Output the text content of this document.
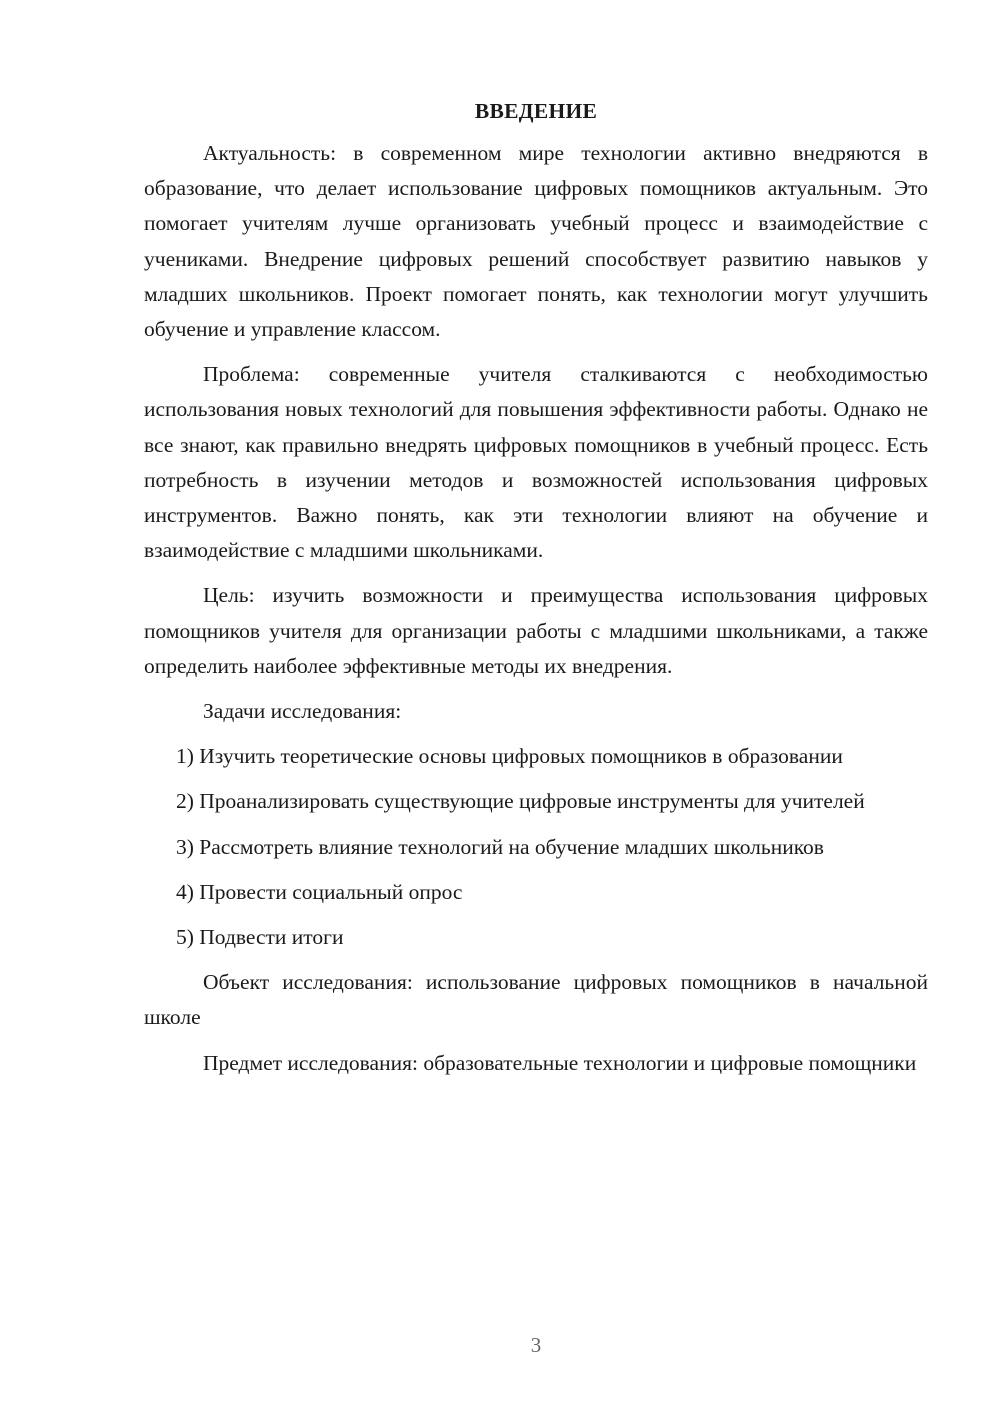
ВВЕДЕНИЕ

Актуальность: в современном мире технологии активно внедряются в образование, что делает использование цифровых помощников актуальным. Это помогает учителям лучше организовать учебный процесс и взаимодействие с учениками. Внедрение цифровых решений способствует развитию навыков у младших школьников. Проект помогает понять, как технологии могут улучшить обучение и управление классом.

Проблема: современные учителя сталкиваются с необходимостью использования новых технологий для повышения эффективности работы. Однако не все знают, как правильно внедрять цифровых помощников в учебный процесс. Есть потребность в изучении методов и возможностей использования цифровых инструментов. Важно понять, как эти технологии влияют на обучение и взаимодействие с младшими школьниками.

Цель: изучить возможности и преимущества использования цифровых помощников учителя для организации работы с младшими школьниками, а также определить наиболее эффективные методы их внедрения.

Задачи исследования:

1) Изучить теоретические основы цифровых помощников в образовании

2) Проанализировать существующие цифровые инструменты для учителей

3) Рассмотреть влияние технологий на обучение младших школьников

4) Провести социальный опрос

5) Подвести итоги

Объект исследования: использование цифровых помощников в начальной школе

Предмет исследования: образовательные технологии и цифровые помощники

3
